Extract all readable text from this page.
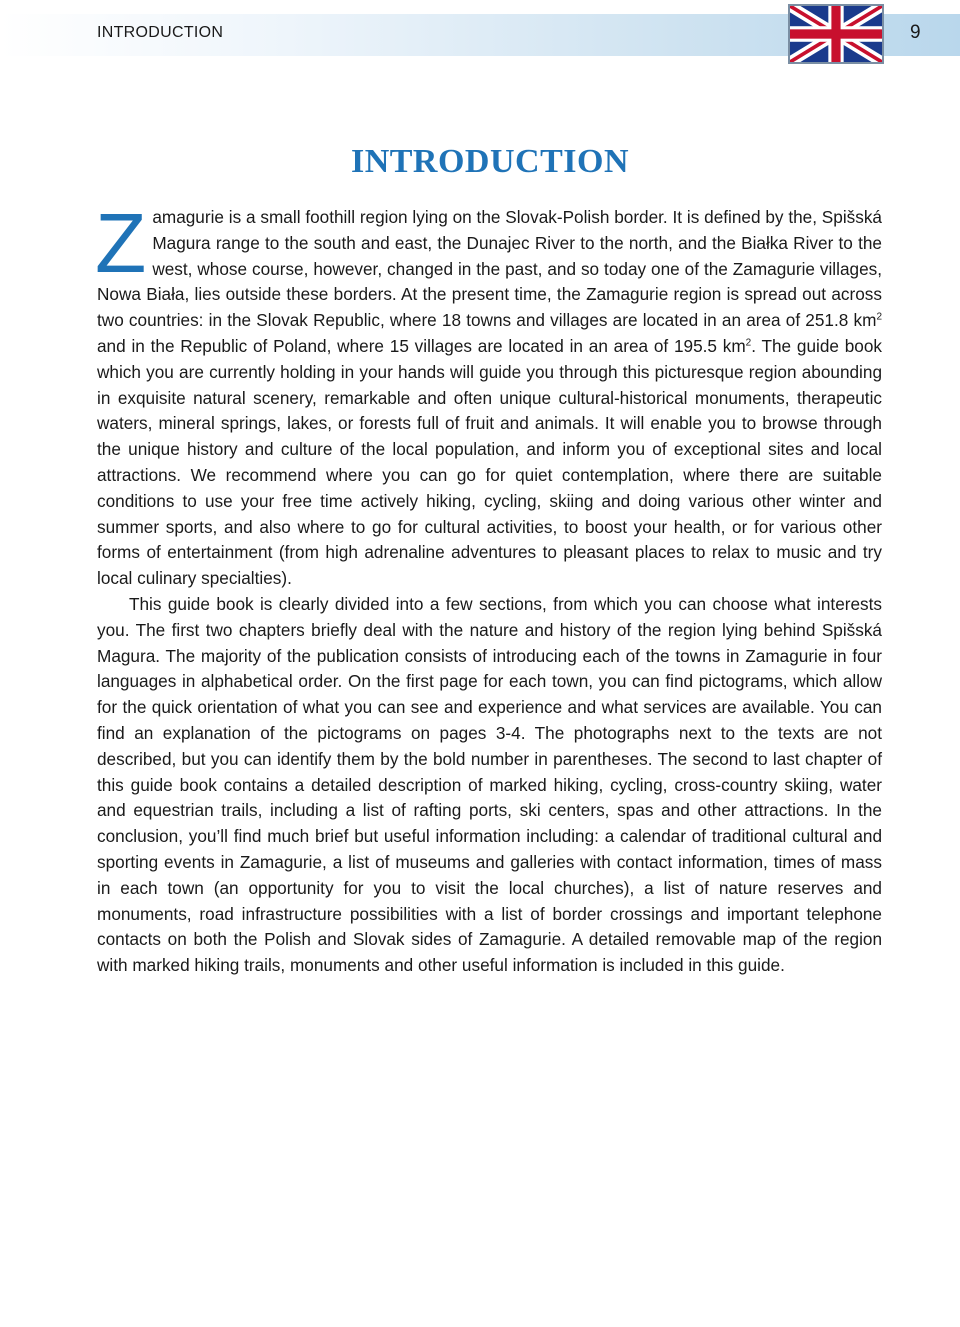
INTRODUCTION	9
INTRODUCTION

Zamagurie is a small foothill region lying on the Slovak-Polish border. It is defined by the, Spišská Magura range to the south and east, the Dunajec River to the north, and the Białka River to the west, whose course, however, changed in the past, and so today one of the Zamagurie villages, Nowa Biała, lies outside these borders. At the present time, the Zamagurie region is spread out across two countries: in the Slovak Republic, where 18 towns and villages are located in an area of 251.8 $km^2$ and in the Republic of Poland, where 15 villages are located in an area of 195.5 $km^2$. The guide book which you are currently holding in your hands will guide you through this picturesque region abounding in exquisite natural scenery, remarkable and often unique cultural-historical monuments, therapeutic waters, mineral springs, lakes, or forests full of fruit and animals. It will enable you to browse through the unique history and culture of the local population, and inform you of exceptional sites and local attractions. We recommend where you can go for quiet contemplation, where there are suitable conditions to use your free time actively hiking, cycling, skiing and doing various other winter and summer sports, and also where to go for cultural activities, to boost your health, or for various other forms of entertainment (from high adrenaline adventures to pleasant places to relax to music and try local culinary specialties).

This guide book is clearly divided into a few sections, from which you can choose what interests you. The first two chapters briefly deal with the nature and history of the region lying behind Spišská Magura. The majority of the publication consists of introducing each of the towns in Zamagurie in four languages in alphabetical order. On the first page for each town, you can find pictograms, which allow for the quick orientation of what you can see and experience and what services are available. You can find an explanation of the pictograms on pages 3-4. The photographs next to the texts are not described, but you can identify them by the bold number in parentheses. The second to last chapter of this guide book contains a detailed description of marked hiking, cycling, cross-country skiing, water and equestrian trails, including a list of rafting ports, ski centers, spas and other attractions. In the conclusion, you’ll find much brief but useful information including: a calendar of traditional cultural and sporting events in Zamagurie, a list of museums and galleries with contact information, times of mass in each town (an opportunity for you to visit the local churches), a list of nature reserves and monuments, road infrastructure possibilities with a list of border crossings and important telephone contacts on both the Polish and Slovak sides of Zamagurie. A detailed removable map of the region with marked hiking trails, monuments and other useful information is included in this guide.
